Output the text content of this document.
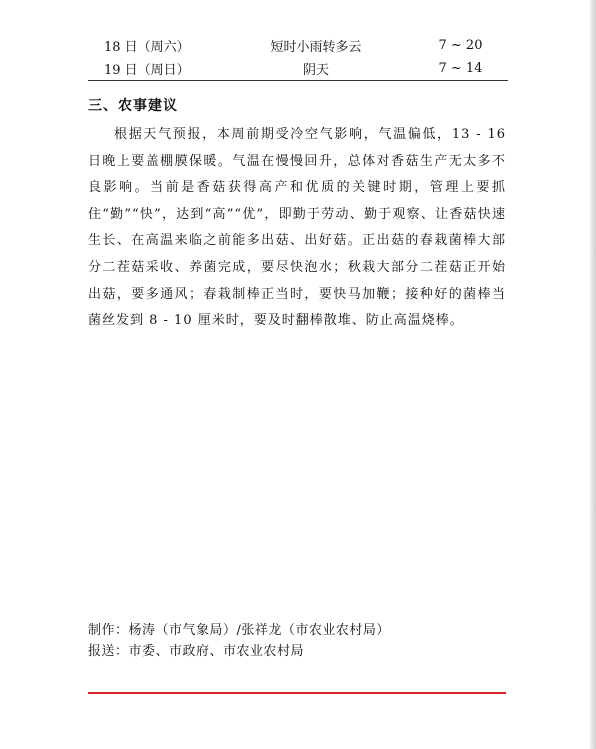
18 日（周六）	短时小雨转多云	7 ~ 20
19 日（周日）	阴天	7 ~ 14
三、农事建议

根据天气预报，本周前期受冷空气影响，气温偏低，13 - 16 日晚上要盖棚膜保暖。气温在慢慢回升，总体对香菇生产无太多不良影响。当前是香菇获得高产和优质的关键时期，管理上要抓住“勤”“快”，达到“高”“优”，即勤于劳动、勤于观察、让香菇快速生长、在高温来临之前能多出菇、出好菇。正出菇的春栽菌棒大部分二茬菇采收、养菌完成，要尽快泡水；秋栽大部分二茬菇正开始出菇，要多通风；春栽制棒正当时，要快马加鞭；接种好的菌棒当菌丝发到 8 - 10 厘米时，要及时翻棒散堆、防止高温烧棒。

制作：杨涛（市气象局）/张祥龙（市农业农村局）

报送：市委、市政府、市农业农村局
